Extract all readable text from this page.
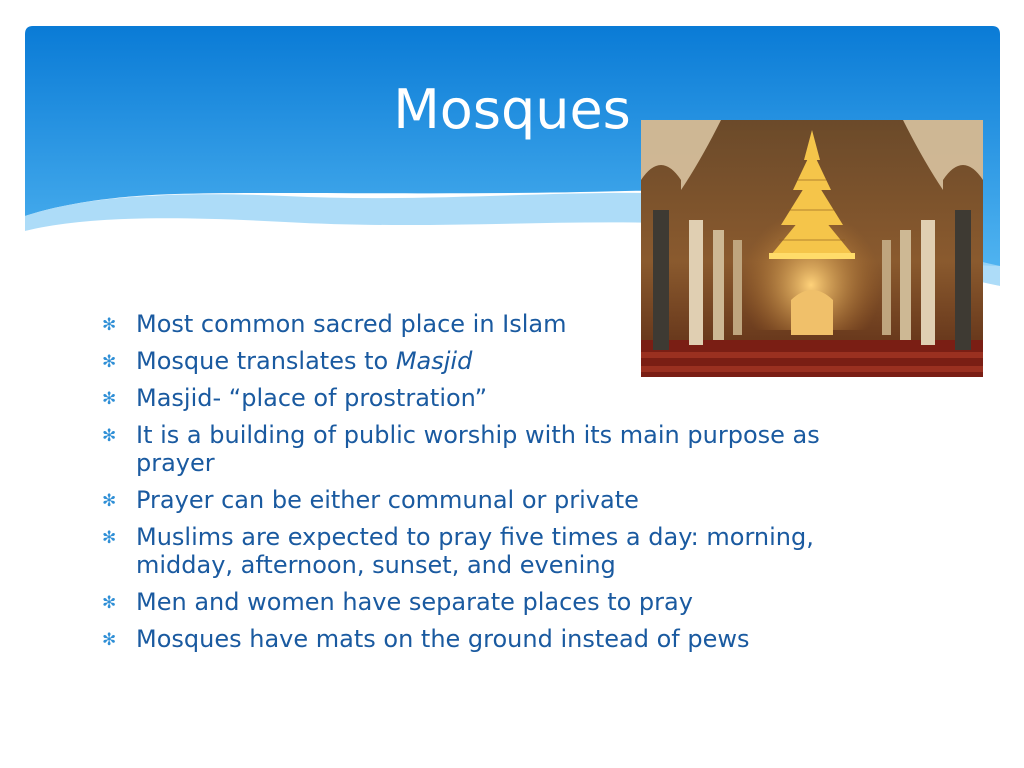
Mosques
✻ Most common sacred place in Islam
✻ Mosque translates to Masjid
✻ Masjid- “place of prostration”
✻ It is a building of public worship with its main purpose as prayer
✻ Prayer can be either communal or private
✻ Muslims are expected to pray five times a day: morning, midday, afternoon, sunset, and evening
✻ Men and women have separate places to pray
✻ Mosques have mats on the ground instead of pews
